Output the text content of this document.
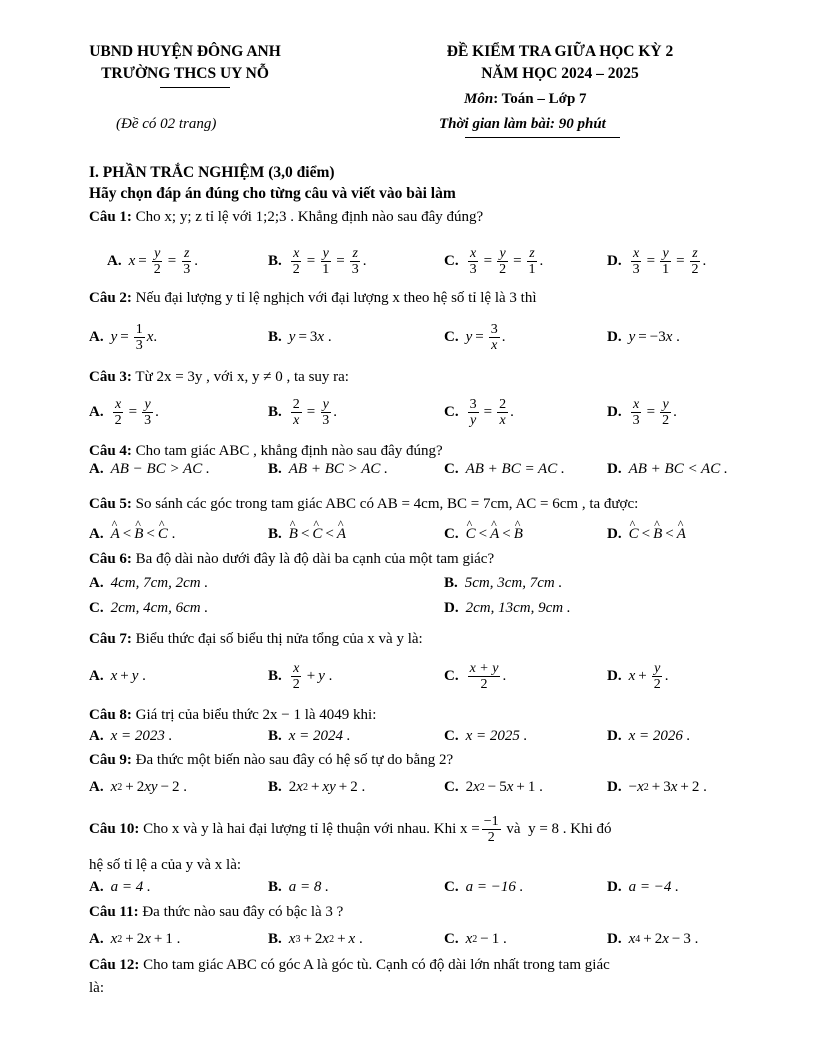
UBND HUYỆN ĐÔNG ANH
TRƯỜNG THCS UY NỖ
(Đề có 02 trang)
ĐỀ KIỂM TRA GIỮA HỌC KỲ 2
NĂM HỌC 2024 – 2025
Môn: Toán – Lớp 7
Thời gian làm bài: 90 phút
I. PHẦN TRẮC NGHIỆM (3,0 điểm)
Hãy chọn đáp án đúng cho từng câu và viết vào bài làm
Câu 1: Cho x; y; z tỉ lệ với 1;2;3 . Khẳng định nào sau đây đúng?
A. $x = \frac{y}{2} = \frac{z}{3}$ .	B. $\frac{x}{2} = \frac{y}{1} = \frac{z}{3}$ .	C. $\frac{x}{3} = \frac{y}{2} = \frac{z}{1}$ .	D. $\frac{x}{3} = \frac{y}{1} = \frac{z}{2}$ .
Câu 2: Nếu đại lượng y tỉ lệ nghịch với đại lượng x theo hệ số tỉ lệ là 3 thì
A. $y = \frac{1}{3}$ x .	B. y = 3 x .	C. $y = \frac{3}{x}$ .	D. y = −3 x .
Câu 3: Từ 2x = 3y , với x, y ≠ 0 , ta suy ra:
A. $\frac{x}{2} = \frac{y}{3}$ .	B. $\frac{2}{x} = \frac{y}{3}$ .	C. $\frac{3}{y} = \frac{2}{x}$ .	D. $\frac{x}{3} = \frac{y}{2}$ .
Câu 4: Cho tam giác ABC , khẳng định nào sau đây đúng?
A. AB − BC > AC .	B. AB + BC > AC .	C. AB + BC = AC .	D. AB + BC < AC .
Câu 5: So sánh các góc trong tam giác ABC có AB = 4cm, BC = 7cm, AC = 6cm , ta được:
A. ^ A < ^ B < ^ C .	B. ^ B < ^ C < ^ A	C. ^ C < ^ A < ^ B	D. ^ C < ^ B < ^ A
Câu 6: Ba độ dài nào dưới đây là độ dài ba cạnh của một tam giác?
A. 4cm, 7cm, 2cm .	B. 5cm, 3cm, 7cm .
C. 2cm, 4cm, 6cm .	D. 2cm, 13cm, 9cm .
Câu 7: Biểu thức đại số biểu thị nửa tổng của x và y là:
A. x + y .	B. $\frac{x}{2} + y$ .	C. $\frac{x + y}{2}$ .	D. $x + \frac{y}{2}$ .
Câu 8: Giá trị của biểu thức 2x − 1 là 4049 khi:
A. x = 2023 .	B. x = 2024 .	C. x = 2025 .	D. x = 2026 .
Câu 9: Đa thức một biến nào sau đây có hệ số tự do bằng 2?
A. x 2 + 2 xy − 2 .	B. 2 x 2 + xy + 2 .	C. 2 x 2 − 5 x + 1 .	D. − x 2 + 3 x + 2 .
Câu 10:
Cho x và y là hai đại lượng tỉ lệ thuận với nhau. Khi $x = \frac{-1}{2}$ và  y = 8 . Khi đó
hệ số tỉ lệ a của y và x là:
A. a = 4 .	B. a = 8 .	C. a = −16 .	D. a = −4 .
Câu 11: Đa thức nào sau đây có bậc là 3 ?
A. x 2 + 2 x + 1 .	B. x 3 + 2 x 2 + x .	C. x 2 − 1 .	D. x 4 + 2 x − 3 .
Câu 12: Cho tam giác ABC có góc A là góc tù. Cạnh có độ dài lớn nhất trong tam giác
là:
